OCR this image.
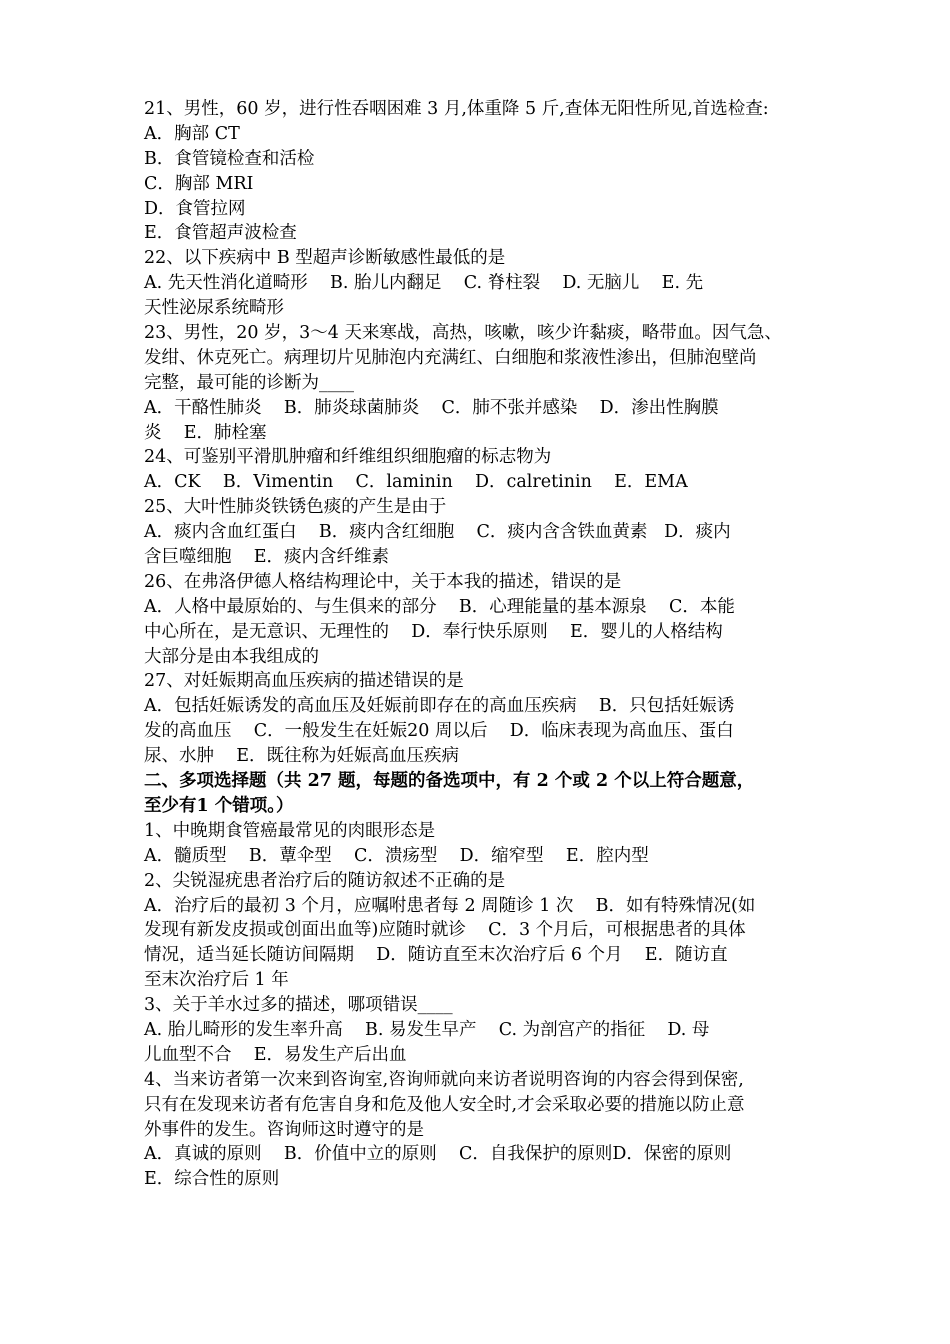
21、男性，60 岁，进行性吞咽困难 3 月,体重降 5 斤,查体无阳性所见,首选检查:
A．胸部 CT
B．食管镜检查和活检
C．胸部 MRI
D．食管拉网
E．食管超声波检查
22、以下疾病中 B 型超声诊断敏感性最低的是
A. 先天性消化道畸形    B. 胎儿内翻足    C. 脊柱裂    D. 无脑儿    E. 先
天性泌尿系统畸形
23、男性，20 岁，3～4 天来寒战，高热，咳嗽，咳少许黏痰，略带血。因气急、
发绀、休克死亡。病理切片见肺泡内充满红、白细胞和浆液性渗出，但肺泡壁尚
完整，最可能的诊断为____
A．干酪性肺炎    B．肺炎球菌肺炎    C．肺不张并感染    D．渗出性胸膜
炎    E．肺栓塞
24、可鉴别平滑肌肿瘤和纤维组织细胞瘤的标志物为
A．CK    B．Vimentin    C．laminin    D．calretinin    E．EMA
25、大叶性肺炎铁锈色痰的产生是由于
A．痰内含血红蛋白    B．痰内含红细胞    C．痰内含含铁血黄素   D．痰内
含巨噬细胞    E．痰内含纤维素
26、在弗洛伊德人格结构理论中，关于本我的描述，错误的是
A．人格中最原始的、与生俱来的部分    B．心理能量的基本源泉    C．本能
中心所在，是无意识、无理性的    D．奉行快乐原则    E．婴儿的人格结构
大部分是由本我组成的
27、对妊娠期高血压疾病的描述错误的是
A．包括妊娠诱发的高血压及妊娠前即存在的高血压疾病    B．只包括妊娠诱
发的高血压    C．一般发生在妊娠20 周以后    D．临床表现为高血压、蛋白
尿、水肿    E．既往称为妊娠高血压疾病
二、多项选择题（共 27 题，每题的备选项中，有 2 个或 2 个以上符合题意，
至少有1 个错项。）
1、中晚期食管癌最常见的肉眼形态是
A．髓质型    B．蕈伞型    C．溃疡型    D．缩窄型    E．腔内型
2、尖锐湿疣患者治疗后的随访叙述不正确的是
A．治疗后的最初 3 个月，应嘱咐患者每 2 周随诊 1 次    B．如有特殊情况(如
发现有新发皮损或创面出血等)应随时就诊    C．3 个月后，可根据患者的具体
情况，适当延长随访间隔期    D．随访直至末次治疗后 6 个月    E．随访直
至末次治疗后 1 年
3、关于羊水过多的描述，哪项错误____
A. 胎儿畸形的发生率升高    B. 易发生早产    C. 为剖宫产的指征    D. 母
儿血型不合    E．易发生产后出血
4、当来访者第一次来到咨询室,咨询师就向来访者说明咨询的内容会得到保密,
只有在发现来访者有危害自身和危及他人安全时,才会采取必要的措施以防止意
外事件的发生。咨询师这时遵守的是
A．真诚的原则    B．价值中立的原则    C．自我保护的原则D．保密的原则
E．综合性的原则
